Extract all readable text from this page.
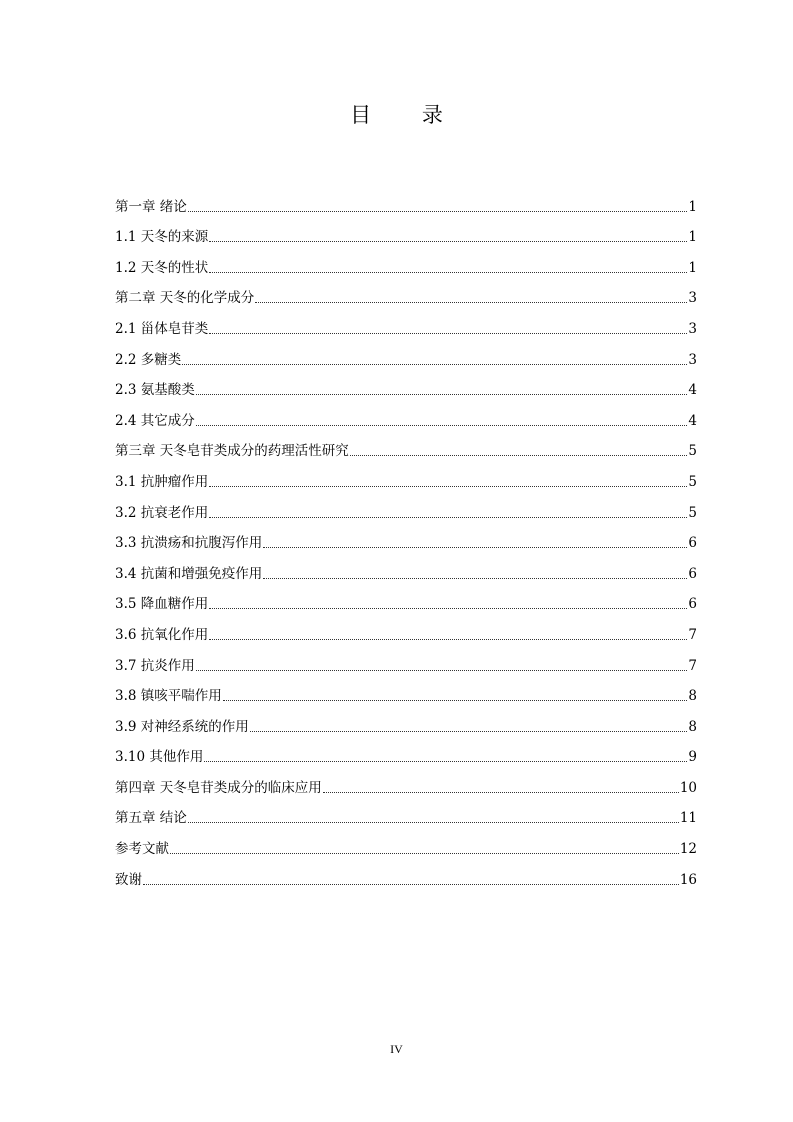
目 录
第一章 绪论	1
1.1 天冬的来源	1
1.2 天冬的性状	1
第二章 天冬的化学成分	3
2.1 甾体皂苷类	3
2.2 多糖类	3
2.3 氨基酸类	4
2.4 其它成分	4
第三章 天冬皂苷类成分的药理活性研究	5
3.1 抗肿瘤作用	5
3.2 抗衰老作用	5
3.3 抗溃疡和抗腹泻作用	6
3.4 抗菌和增强免疫作用	6
3.5 降血糖作用	6
3.6 抗氧化作用	7
3.7 抗炎作用	7
3.8 镇咳平喘作用	8
3.9 对神经系统的作用	8
3.10 其他作用	9
第四章 天冬皂苷类成分的临床应用	10
第五章 结论	11
参考文献	12
致谢	16
IV
